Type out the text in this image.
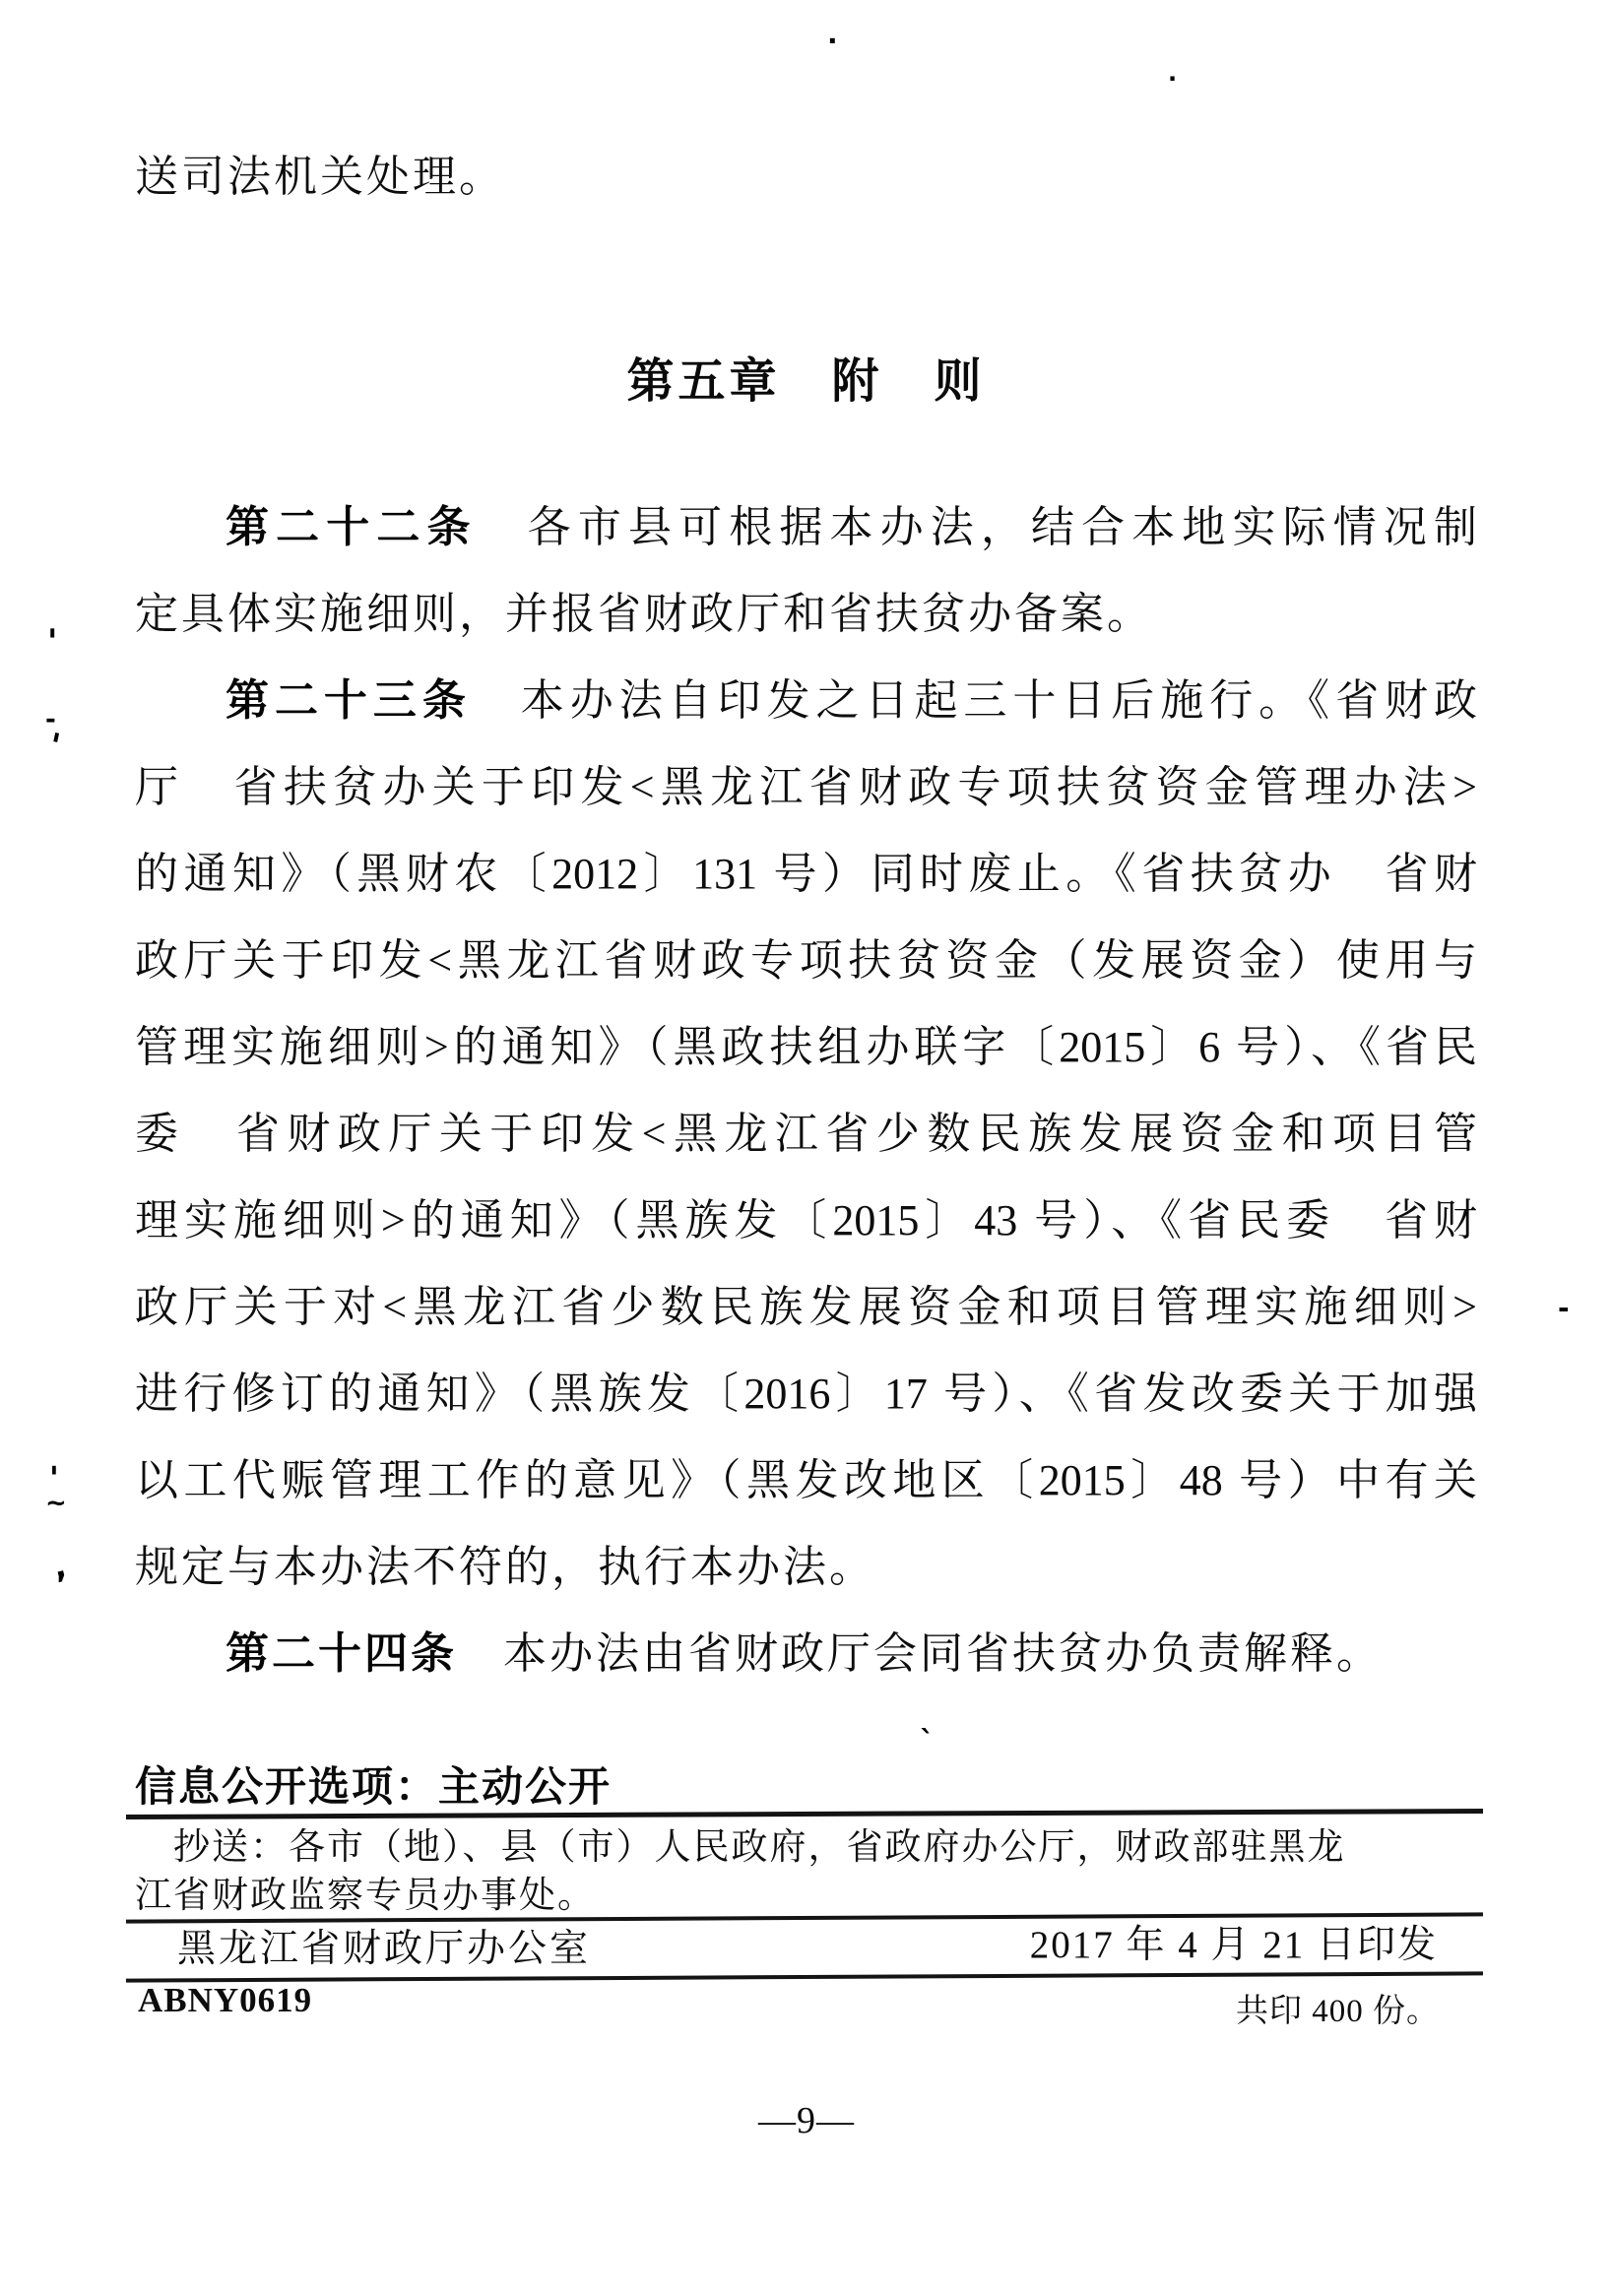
送司法机关处理。
第五章　附　则
第二十二条　各市县可根据本办法，结合本地实际情况制
定具体实施细则，并报省财政厅和省扶贫办备案。
第二十三条　本办法自印发之日起三十日后施行。《省财政
厅　省扶贫办关于印发<黑龙江省财政专项扶贫资金管理办法>
的通知》（黑财农〔2012〕131 号）同时废止。《省扶贫办　省财
政厅关于印发<黑龙江省财政专项扶贫资金（发展资金）使用与
管理实施细则>的通知》（黑政扶组办联字〔2015〕6 号）、《省民
委　省财政厅关于印发<黑龙江省少数民族发展资金和项目管
理实施细则>的通知》（黑族发〔2015〕43 号）、《省民委　省财
政厅关于对<黑龙江省少数民族发展资金和项目管理实施细则>
进行修订的通知》（黑族发〔2016〕17 号）、《省发改委关于加强
以工代赈管理工作的意见》（黑发改地区〔2015〕48 号）中有关
规定与本办法不符的，执行本办法。
第二十四条　本办法由省财政厅会同省扶贫办负责解释。
信息公开选项：主动公开
抄送：各市（地）、县（市）人民政府，省政府办公厅，财政部驻黑龙
江省财政监察专员办事处。
黑龙江省财政厅办公室	2017 年 4 月 21 日印发
ABNY0619	共印 400 份。
—9—
'
-
'
'
~
,
.
.
-
`
